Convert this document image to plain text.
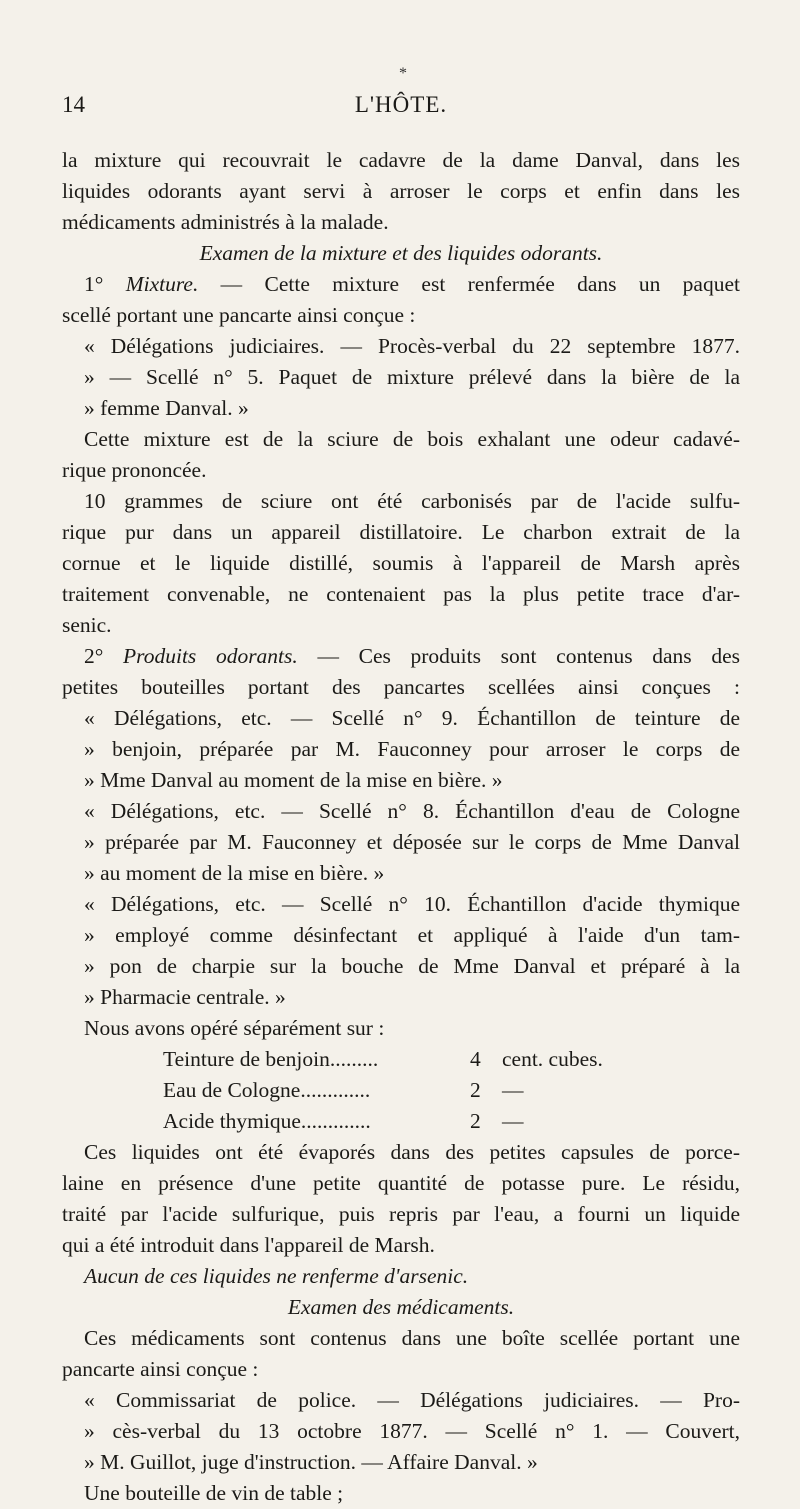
*
14	L'HÔTE.
la mixture qui recouvrait le cadavre de la dame Danval, dans les
liquides odorants ayant servi à arroser le corps et enfin dans les
médicaments administrés à la malade.
Examen de la mixture et des liquides odorants.
1° Mixture. — Cette mixture est renfermée dans un paquet
scellé portant une pancarte ainsi conçue :
« Délégations judiciaires. — Procès-verbal du 22 septembre 1877.
» — Scellé n° 5. Paquet de mixture prélevé dans la bière de la
» femme Danval. »
Cette mixture est de la sciure de bois exhalant une odeur cadavé-
rique prononcée.
10 grammes de sciure ont été carbonisés par de l'acide sulfu-
rique pur dans un appareil distillatoire. Le charbon extrait de la
cornue et le liquide distillé, soumis à l'appareil de Marsh après
traitement convenable, ne contenaient pas la plus petite trace d'ar-
senic.
2° Produits odorants. — Ces produits sont contenus dans des
petites bouteilles portant des pancartes scellées ainsi conçues :
« Délégations, etc. — Scellé n° 9. Échantillon de teinture de
» benjoin, préparée par M. Fauconney pour arroser le corps de
» Mme Danval au moment de la mise en bière. »
« Délégations, etc. — Scellé n° 8. Échantillon d'eau de Cologne
» préparée par M. Fauconney et déposée sur le corps de Mme Danval
» au moment de la mise en bière. »
« Délégations, etc. — Scellé n° 10. Échantillon d'acide thymique
» employé comme désinfectant et appliqué à l'aide d'un tam-
» pon de charpie sur la bouche de Mme Danval et préparé à la
» Pharmacie centrale. »
Nous avons opéré séparément sur :
Teinture de benjoin.........	4 cent. cubes.
Eau de Cologne.............	2 —
Acide thymique.............	2 —
Ces liquides ont été évaporés dans des petites capsules de porce-
laine en présence d'une petite quantité de potasse pure. Le résidu,
traité par l'acide sulfurique, puis repris par l'eau, a fourni un liquide
qui a été introduit dans l'appareil de Marsh.
Aucun de ces liquides ne renferme d'arsenic.
Examen des médicaments.
Ces médicaments sont contenus dans une boîte scellée portant une
pancarte ainsi conçue :
« Commissariat de police. — Délégations judiciaires. — Pro-
» cès-verbal du 13 octobre 1877. — Scellé n° 1. — Couvert,
» M. Guillot, juge d'instruction. — Affaire Danval. »
Une bouteille de vin de table ;
